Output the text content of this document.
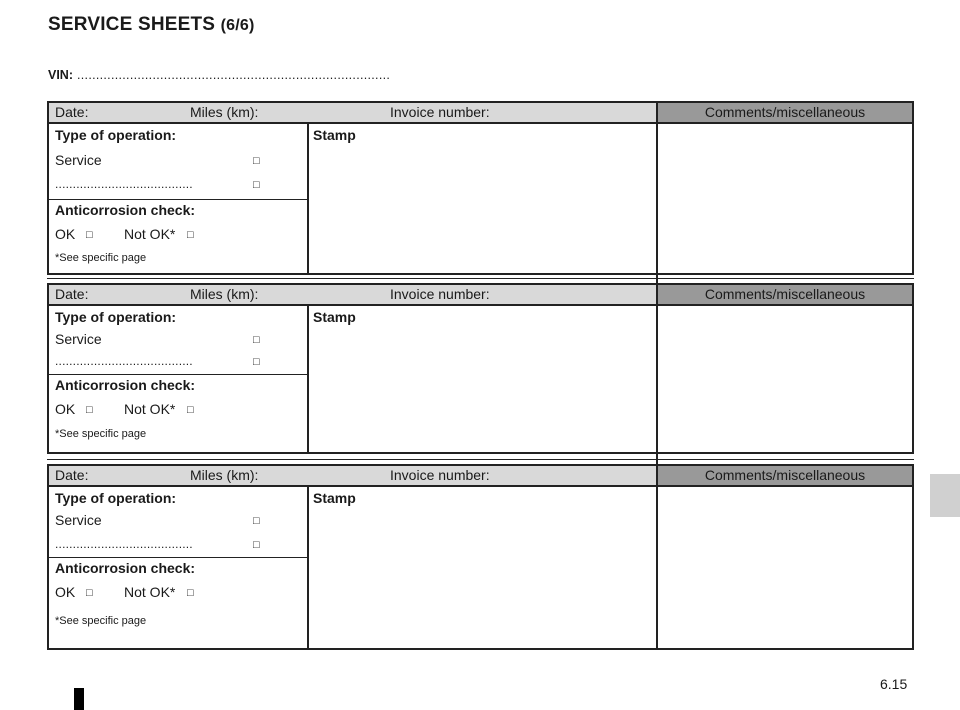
SERVICE SHEETS (6/6)
VIN: ...................................................................................
Date:	Miles (km):	Invoice number:	Comments/miscellaneous
Type of operation:
Service	□
.......................................	□
Anticorrosion check:
OK □ Not OK* □
*See specific page
Stamp
Date:	Miles (km):	Invoice number:	Comments/miscellaneous
Type of operation:
Service	□
.......................................	□
Anticorrosion check:
OK □ Not OK* □
*See specific page
Stamp
Date:	Miles (km):	Invoice number:	Comments/miscellaneous
Type of operation:
Service	□
.......................................	□
Anticorrosion check:
OK □ Not OK* □
*See specific page
Stamp
6.15
